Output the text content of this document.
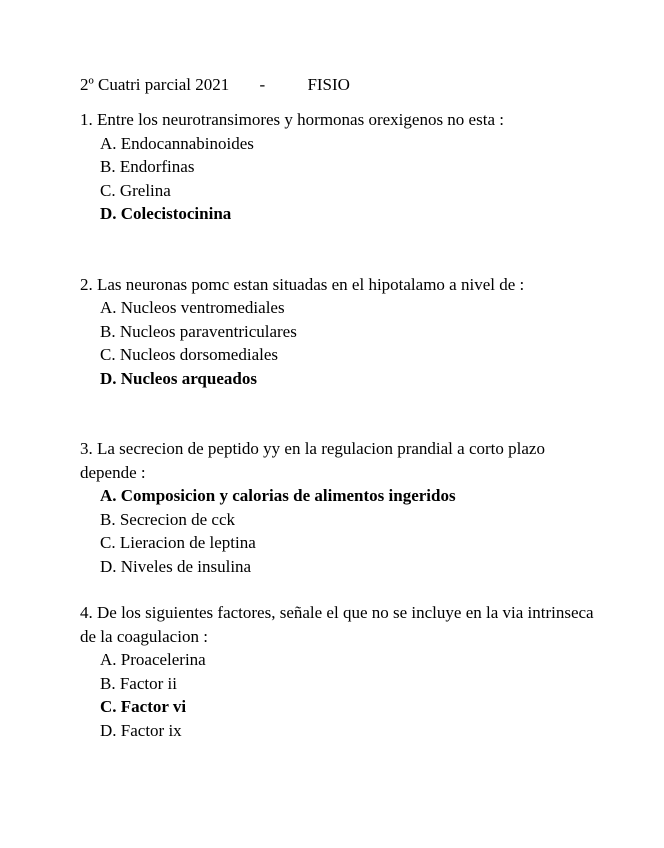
2º Cuatri parcial 2021 - FISIO

1. Entre los neurotransimores y hormonas orexigenos no esta :

A. Endocannabinoides
B. Endorfinas
C. Grelina
D. Colecistocinina

2. Las neuronas pomc estan situadas en el hipotalamo a nivel de :

A. Nucleos ventromediales
B. Nucleos paraventriculares
C. Nucleos dorsomediales
D. Nucleos arqueados

3. La secrecion de peptido yy en la regulacion prandial a corto plazo depende :

A. Composicion y calorias de alimentos ingeridos
B. Secrecion de cck
C. Lieracion de leptina
D. Niveles de insulina

4. De los siguientes factores, señale el que no se incluye en la via intrinseca de la coagulacion :

A. Proacelerina
B. Factor ii
C. Factor vi
D. Factor ix
